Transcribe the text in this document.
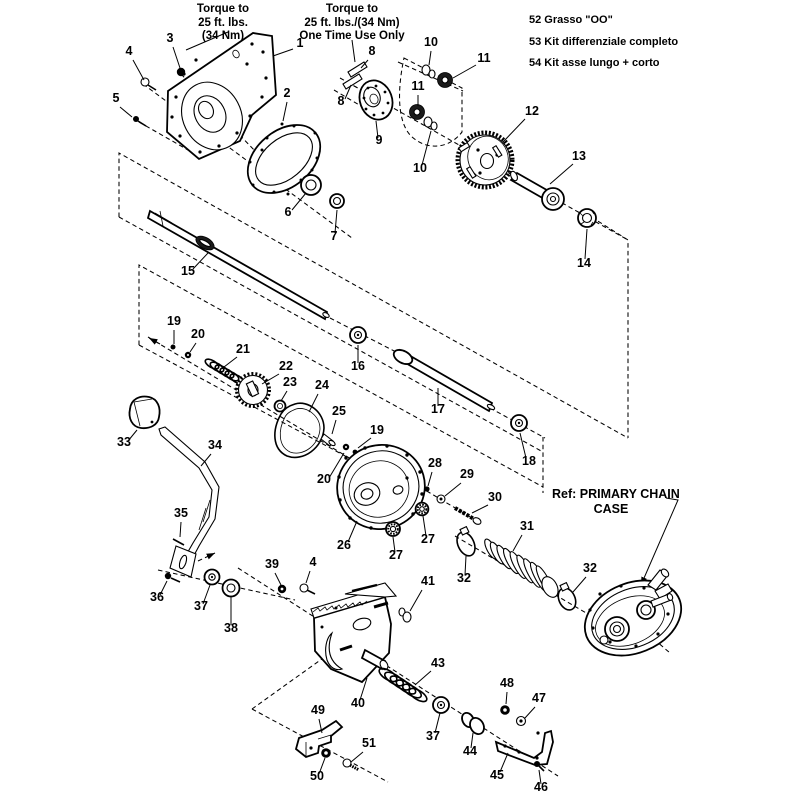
1
2
3
4
5
6
7
8
8
9
10
10
11
11
12
13
14
15
16
17
18
19
19
20
20
21
22
23 24
25
26
27
27
28
29
30
31
32
32
33	34
35
36
37
37
38
39 4
40
41
43
44
45
46
47
48
49
50
51
Torque to
25 ft. lbs.
(34 Nm)
Torque to
25 ft. lbs./(34 Nm)
One Time Use Only
52 Grasso "OO"
53 Kit differenziale completo
54 Kit asse lungo + corto
Ref: PRIMARY CHAIN
CASE
